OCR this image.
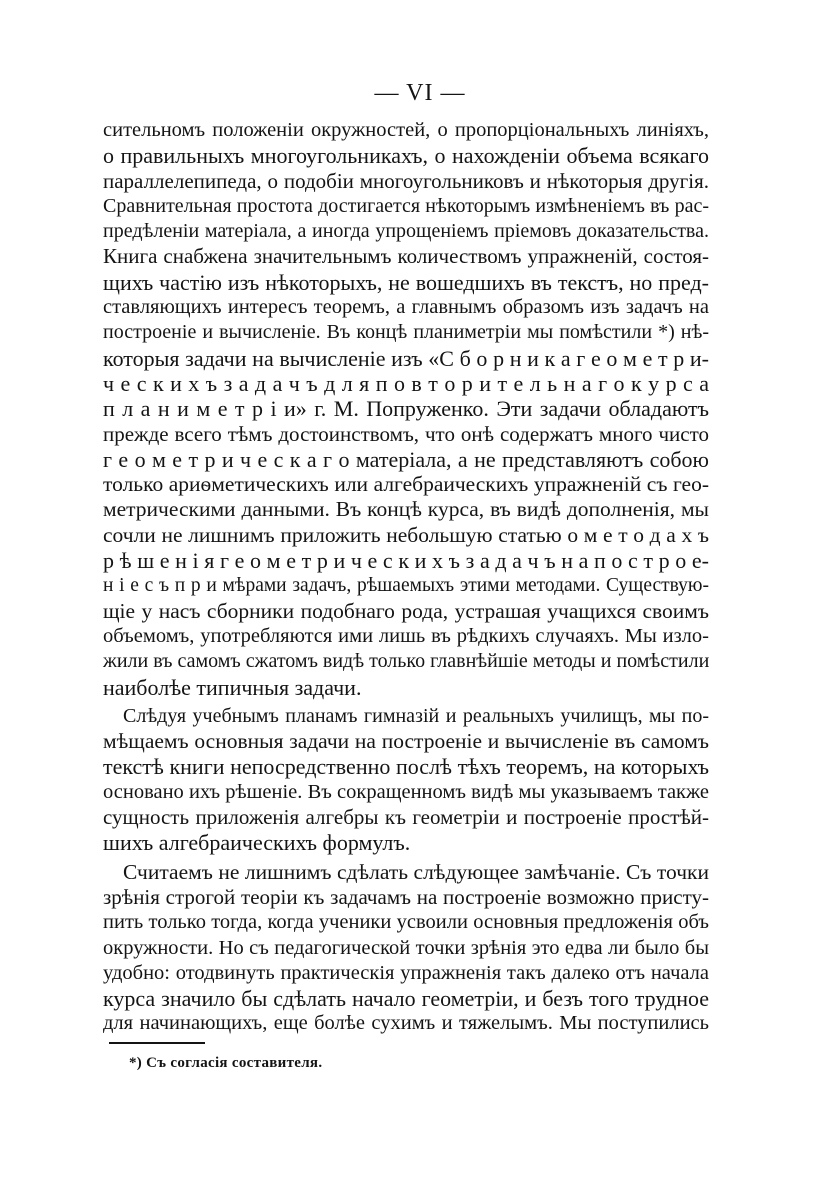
— VI —
сительномъ положенiи окружностей, о пропорцiональныхъ линiяхъ,
о правильныхъ многоугольникахъ, о нахожденiи объема всякаго
параллелепипеда, о подобiи многоугольниковъ и нѣкоторыя другiя.
Сравнительная простота достигается нѣкоторымъ измѣненiемъ въ рас-
предѣленiи матерiала, а иногда упрощенiемъ прiемовъ доказательства.
Книга снабжена значительнымъ количествомъ упражненiй, состоя-
щихъ частiю изъ нѣкоторыхъ, не вошедшихъ въ текстъ, но пред-
ставляющихъ интересъ теоремъ, а главнымъ образомъ изъ задачъ на
построенiе и вычисленiе. Въ концѣ планиметрiи мы помѣстили *) нѣ-
которыя задачи на вычисленiе изъ «С б о р н и к а г е о м е т р и-
ч е с к и х ъ з а д а ч ъ д л я п о в т о р и т е л ь н а г о к у р с а
п л а н и м е т р i и» г. М. Попруженко. Эти задачи обладаютъ
прежде всего тѣмъ достоинствомъ, что онѣ содержатъ много чисто
г е о м е т р и ч е с к а г о матерiала, а не представляютъ собою
только ариѳметическихъ или алгебраическихъ упражненiй съ гео-
метрическими данными. Въ концѣ курса, въ видѣ дополненiя, мы
сочли не лишнимъ приложить небольшую статью о м е т о д а х ъ
р ѣ ш е н i я г е о м е т р и ч е с к и х ъ з а д а ч ъ н а п о с т р о е-
н i е с ъ п р и мѣрами задачъ, рѣшаемыхъ этими методами. Существую-
щiе у насъ сборники подобнаго рода, устрашая учащихся своимъ
объемомъ, употребляются ими лишь въ рѣдкихъ случаяхъ. Мы изло-
жили въ самомъ сжатомъ видѣ только главнѣйшiе методы и помѣстили
наиболѣе типичныя задачи.
Слѣдуя учебнымъ планамъ гимназiй и реальныхъ училищъ, мы по-
мѣщаемъ основныя задачи на построенiе и вычисленiе въ самомъ
текстѣ книги непосредственно послѣ тѣхъ теоремъ, на которыхъ
основано ихъ рѣшенiе. Въ сокращенномъ видѣ мы указываемъ также
сущность приложенiя алгебры къ геометрiи и построенiе простѣй-
шихъ алгебраическихъ формулъ.
Считаемъ не лишнимъ сдѣлать слѣдующее замѣчанiе. Съ точки
зрѣнiя строгой теорiи къ задачамъ на построенiе возможно присту-
пить только тогда, когда ученики усвоили основныя предложенiя объ
окружности. Но съ педагогической точки зрѣнiя это едва ли было бы
удобно: отодвинуть практическiя упражненiя такъ далеко отъ начала
курса значило бы сдѣлать начало геометрiи, и безъ того трудное
для начинающихъ, еще болѣе сухимъ и тяжелымъ. Мы поступились
*) Съ согласiя составителя.
